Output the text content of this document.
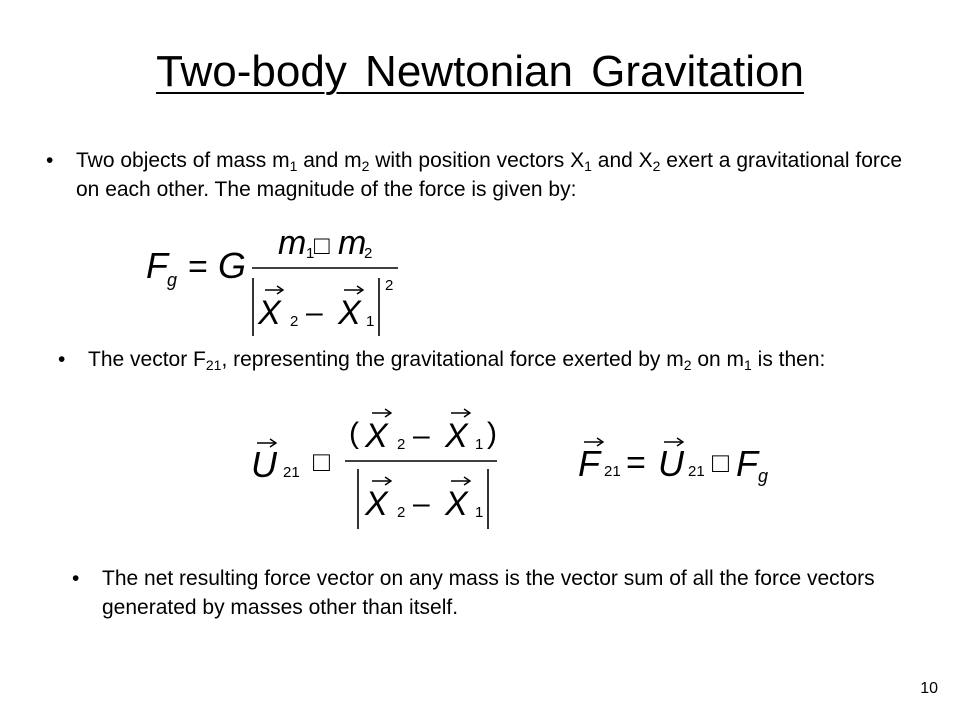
Two-body Newtonian Gravitation
• Two objects of mass $m_1$ and $m_2$ with position vectors $X_1$ and $X_2$ exert a gravitational force on each other. The magnitude of the force is given by:
F g = G
m 1 □ m
2
X 2 – X 1
2
• The vector $F_{21}$, representing the gravitational force exerted by $m_2$ on $m_1$ is then:
U 21 □
( X 2 – X 1 )
X 2 – X 1
F 21 = U 21 □ F g
• The net resulting force vector on any mass is the vector sum of all the force vectors generated by masses other than itself.
10
